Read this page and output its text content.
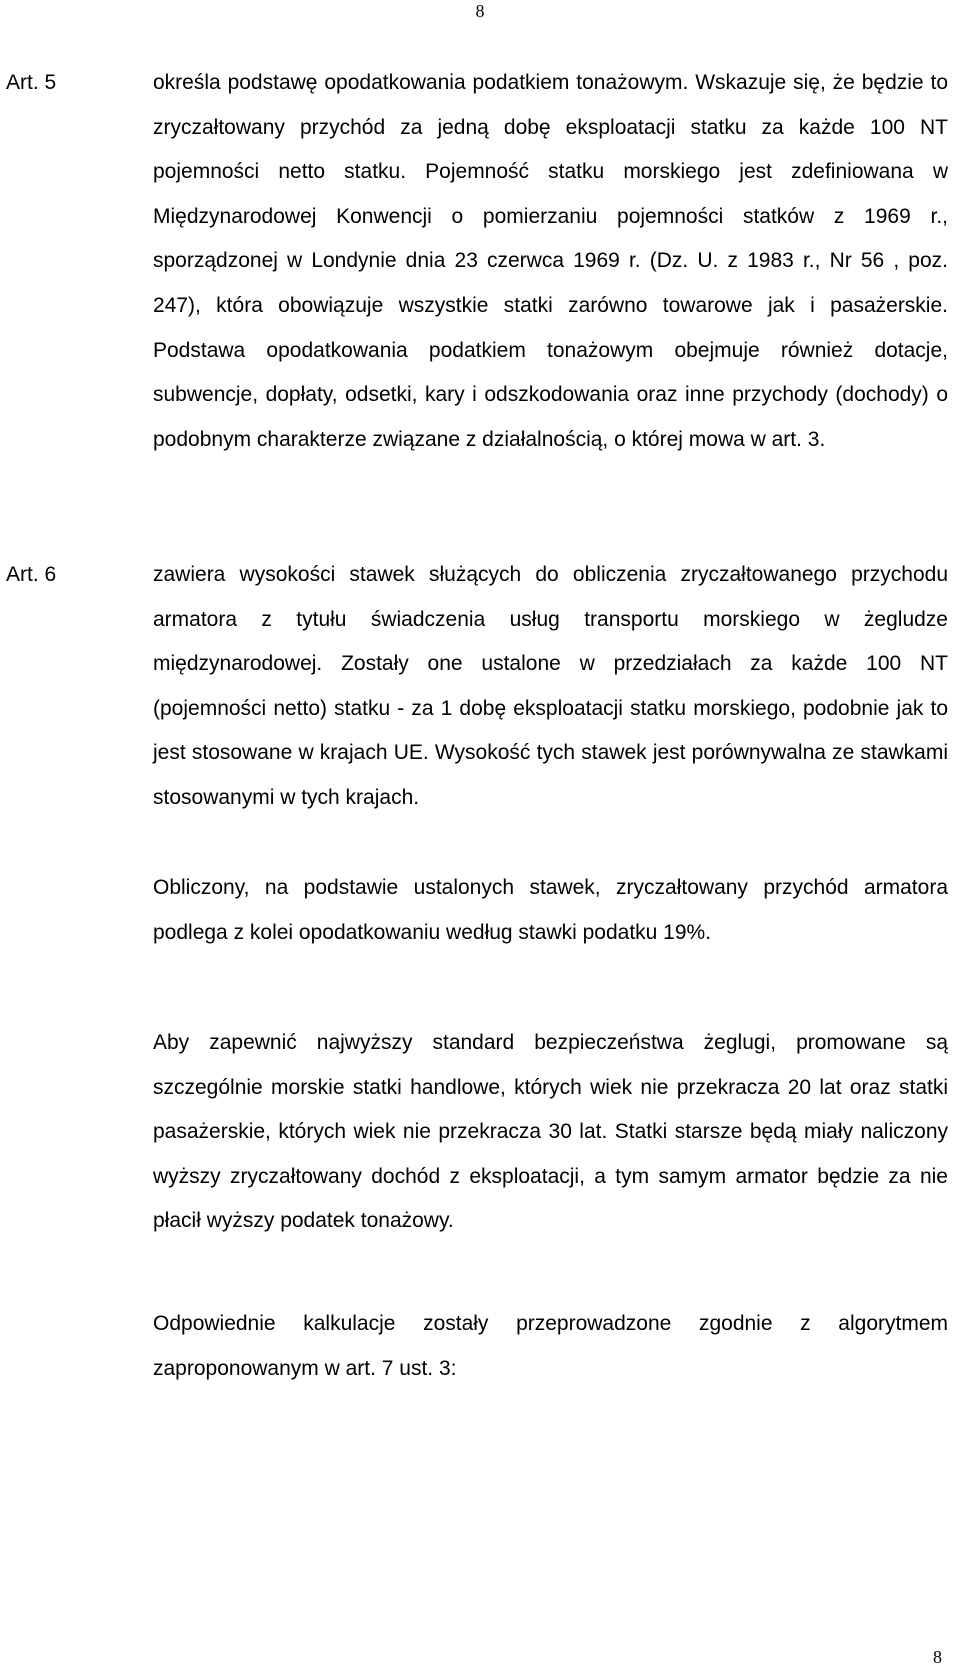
8
Art. 5	określa podstawę opodatkowania podatkiem tonażowym. Wskazuje się, że będzie to zryczałtowany przychód za jedną dobę eksploatacji statku za każde 100 NT pojemności netto statku. Pojemność statku morskiego jest zdefiniowana w Międzynarodowej Konwencji o pomierzaniu pojemności statków z 1969 r., sporządzonej w Londynie dnia 23 czerwca 1969 r. (Dz. U. z 1983 r., Nr 56 , poz. 247), która obowiązuje wszystkie statki zarówno towarowe jak i pasażerskie. Podstawa opodatkowania podatkiem tonażowym obejmuje również dotacje, subwencje, dopłaty, odsetki, kary i odszkodowania oraz inne przychody (dochody) o podobnym charakterze związane z działalnością, o której mowa w art. 3.

Art. 6	zawiera wysokości stawek służących do obliczenia zryczałtowanego przychodu armatora z tytułu świadczenia usług transportu morskiego w żegludze międzynarodowej. Zostały one ustalone w przedziałach za każde 100 NT (pojemności netto) statku - za 1 dobę eksploatacji statku morskiego, podobnie jak to jest stosowane w krajach UE. Wysokość tych stawek jest porównywalna ze stawkami stosowanymi w tych krajach.

Obliczony, na podstawie ustalonych stawek, zryczałtowany przychód armatora podlega z kolei opodatkowaniu według stawki podatku 19%.

Aby zapewnić najwyższy standard bezpieczeństwa żeglugi, promowane są szczególnie morskie statki handlowe, których wiek nie przekracza 20 lat oraz statki pasażerskie, których wiek nie przekracza 30 lat. Statki starsze będą miały naliczony wyższy zryczałtowany dochód z eksploatacji, a tym samym armator będzie za nie płacił wyższy podatek tonażowy.

Odpowiednie kalkulacje zostały przeprowadzone zgodnie z algorytmem zaproponowanym w art. 7 ust. 3:

8
